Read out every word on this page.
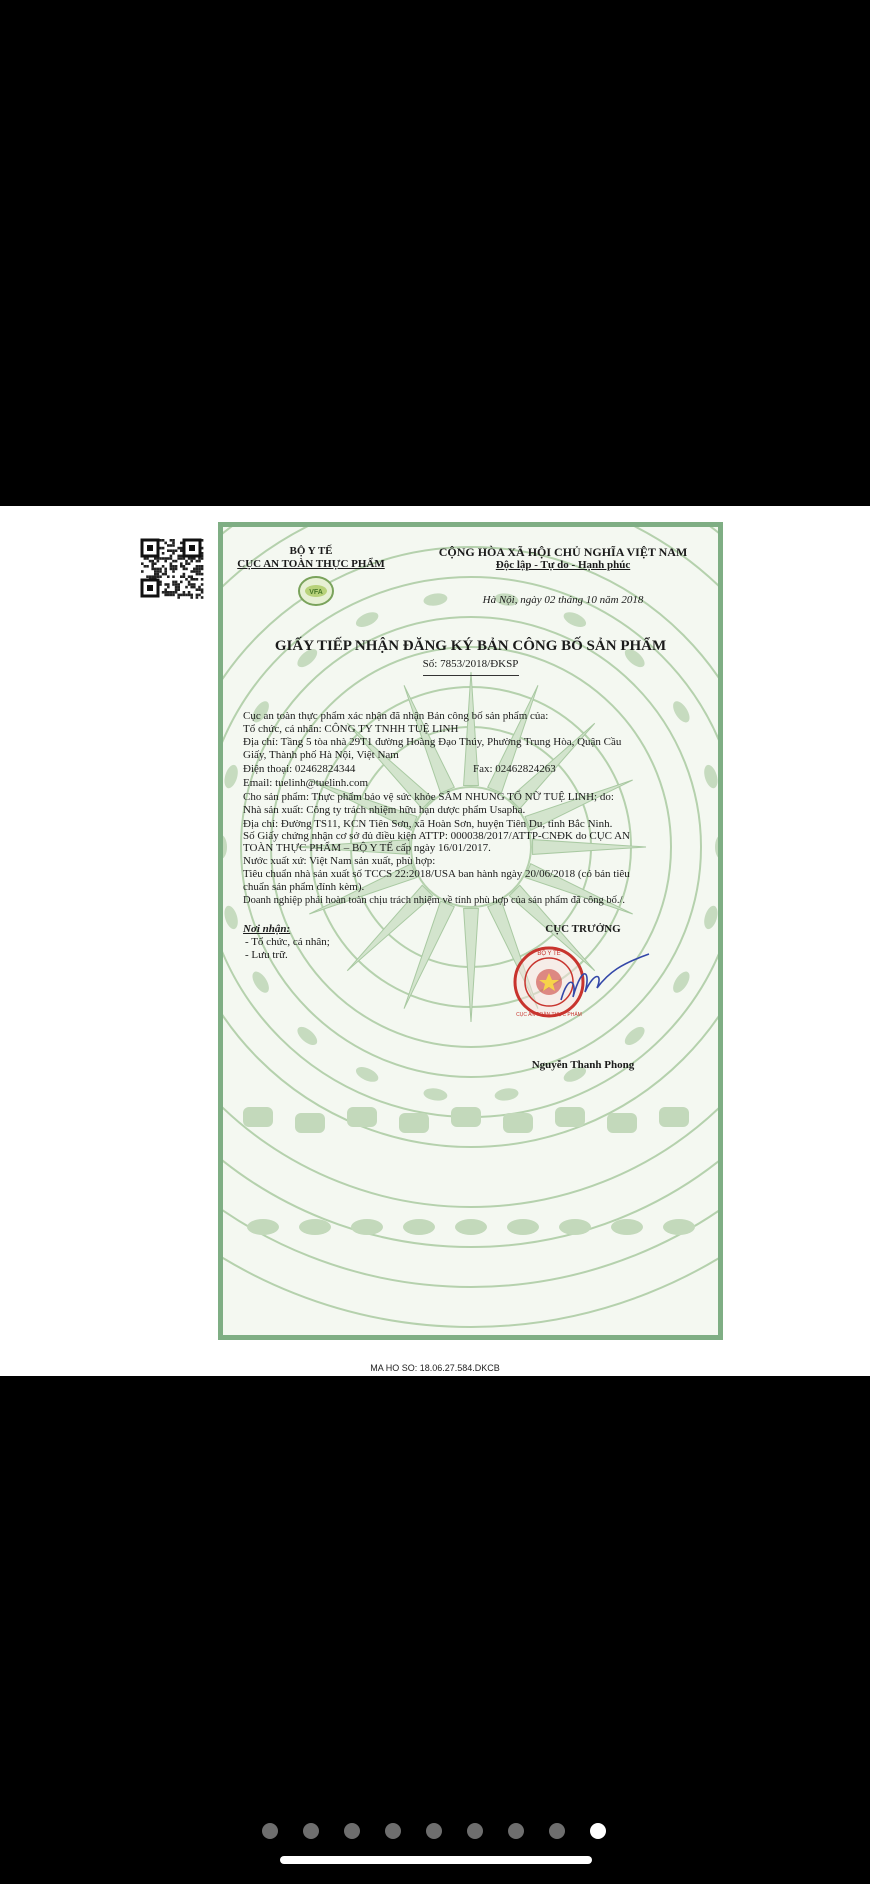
BỘ Y TẾ
CỤC AN TOÀN THỰC PHẨM
VFA
CỘNG HÒA XÃ HỘI CHỦ NGHĨA VIỆT NAM
Độc lập - Tự do - Hạnh phúc
Hà Nội, ngày 02 tháng 10 năm 2018
GIẤY TIẾP NHẬN ĐĂNG KÝ BẢN CÔNG BỐ SẢN PHẨM
Số: 7853/2018/ĐKSP
Cục an toàn thực phẩm xác nhận đã nhận Bản công bố sản phẩm của:
Tổ chức, cá nhân: CÔNG TY TNHH TUỆ LINH
Địa chỉ: Tầng 5 tòa nhà 29T1 đường Hoàng Đạo Thúy, Phường Trung Hòa, Quận Cầu
Giấy, Thành phố Hà Nội, Việt Nam
Điện thoại: 02462824344	Fax: 02462824263
Email: tuelinh@tuelinh.com
Cho sản phẩm: Thực phẩm bảo vệ sức khỏe SÂM NHUNG TỐ NỮ TUỆ LINH; do:
Nhà sản xuất: Công ty trách nhiệm hữu hạn dược phẩm Usapha.
Địa chỉ: Đường TS11, KCN Tiên Sơn, xã Hoàn Sơn, huyện Tiên Du, tỉnh Bắc Ninh.
Số Giấy chứng nhận cơ sở đủ điều kiện ATTP: 000038/2017/ATTP-CNĐK do CỤC AN
TOÀN THỰC PHẨM – BỘ Y TẾ cấp ngày 16/01/2017.
Nước xuất xứ: Việt Nam sản xuất, phù hợp:
Tiêu chuẩn nhà sản xuất số TCCS 22:2018/USA ban hành ngày 20/06/2018 (có bản tiêu
chuẩn sản phẩm đính kèm).
Doanh nghiệp phải hoàn toàn chịu trách nhiệm về tính phù hợp của sản phẩm đã công bố./.
Nơi nhận:
- Tổ chức, cá nhân;
- Lưu trữ.
CỤC TRƯỞNG
BỘ Y TẾ
CỤC AN TOÀN THỰC PHẨM
Nguyễn Thanh Phong
MA HO SO: 18.06.27.584.DKCB
